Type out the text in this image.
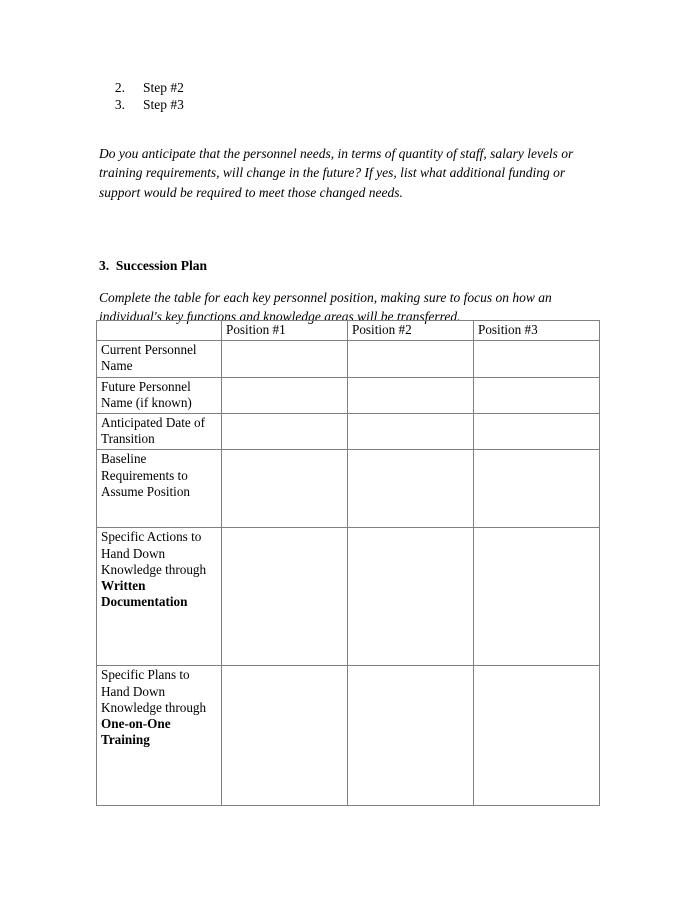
2.	Step #2
3.	Step #3

Do you anticipate that the personnel needs, in terms of quantity of staff, salary levels or training requirements, will change in the future? If yes, list what additional funding or support would be required to meet those changed needs.

3.  Succession Plan

Complete the table for each key personnel position, making sure to focus on how an individual's key functions and knowledge areas will be transferred.

	Position #1	Position #2	Position #3
Current Personnel Name			
Future Personnel Name (if known)			
Anticipated Date of Transition			
Baseline Requirements to Assume Position			
Specific Actions to Hand Down Knowledge through Written Documentation			
Specific Plans to Hand Down Knowledge through One-on-One Training			
